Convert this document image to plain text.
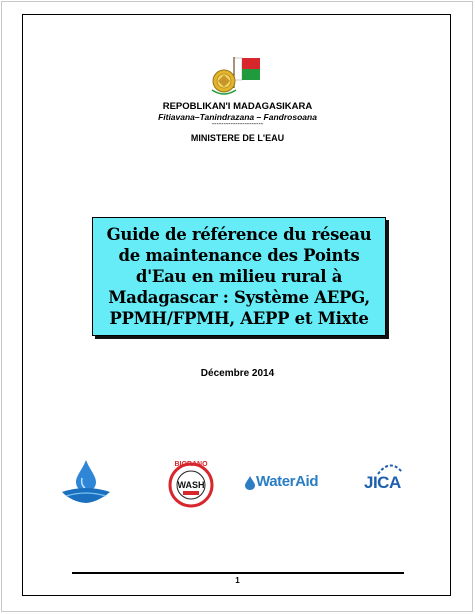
REPOBLIKAN'I MADAGASIKARA
Fitiavana–Tanindrazana – Fandrosoana
----------------------
MINISTERE DE L'EAU
Guide de référence du réseau de maintenance des Points d'Eau en milieu rural à Madagascar : Système AEPG, PPMH/FPMH, AEPP et Mixte
Décembre 2014
BIORANO
WASH	WaterAid	JICA
1
